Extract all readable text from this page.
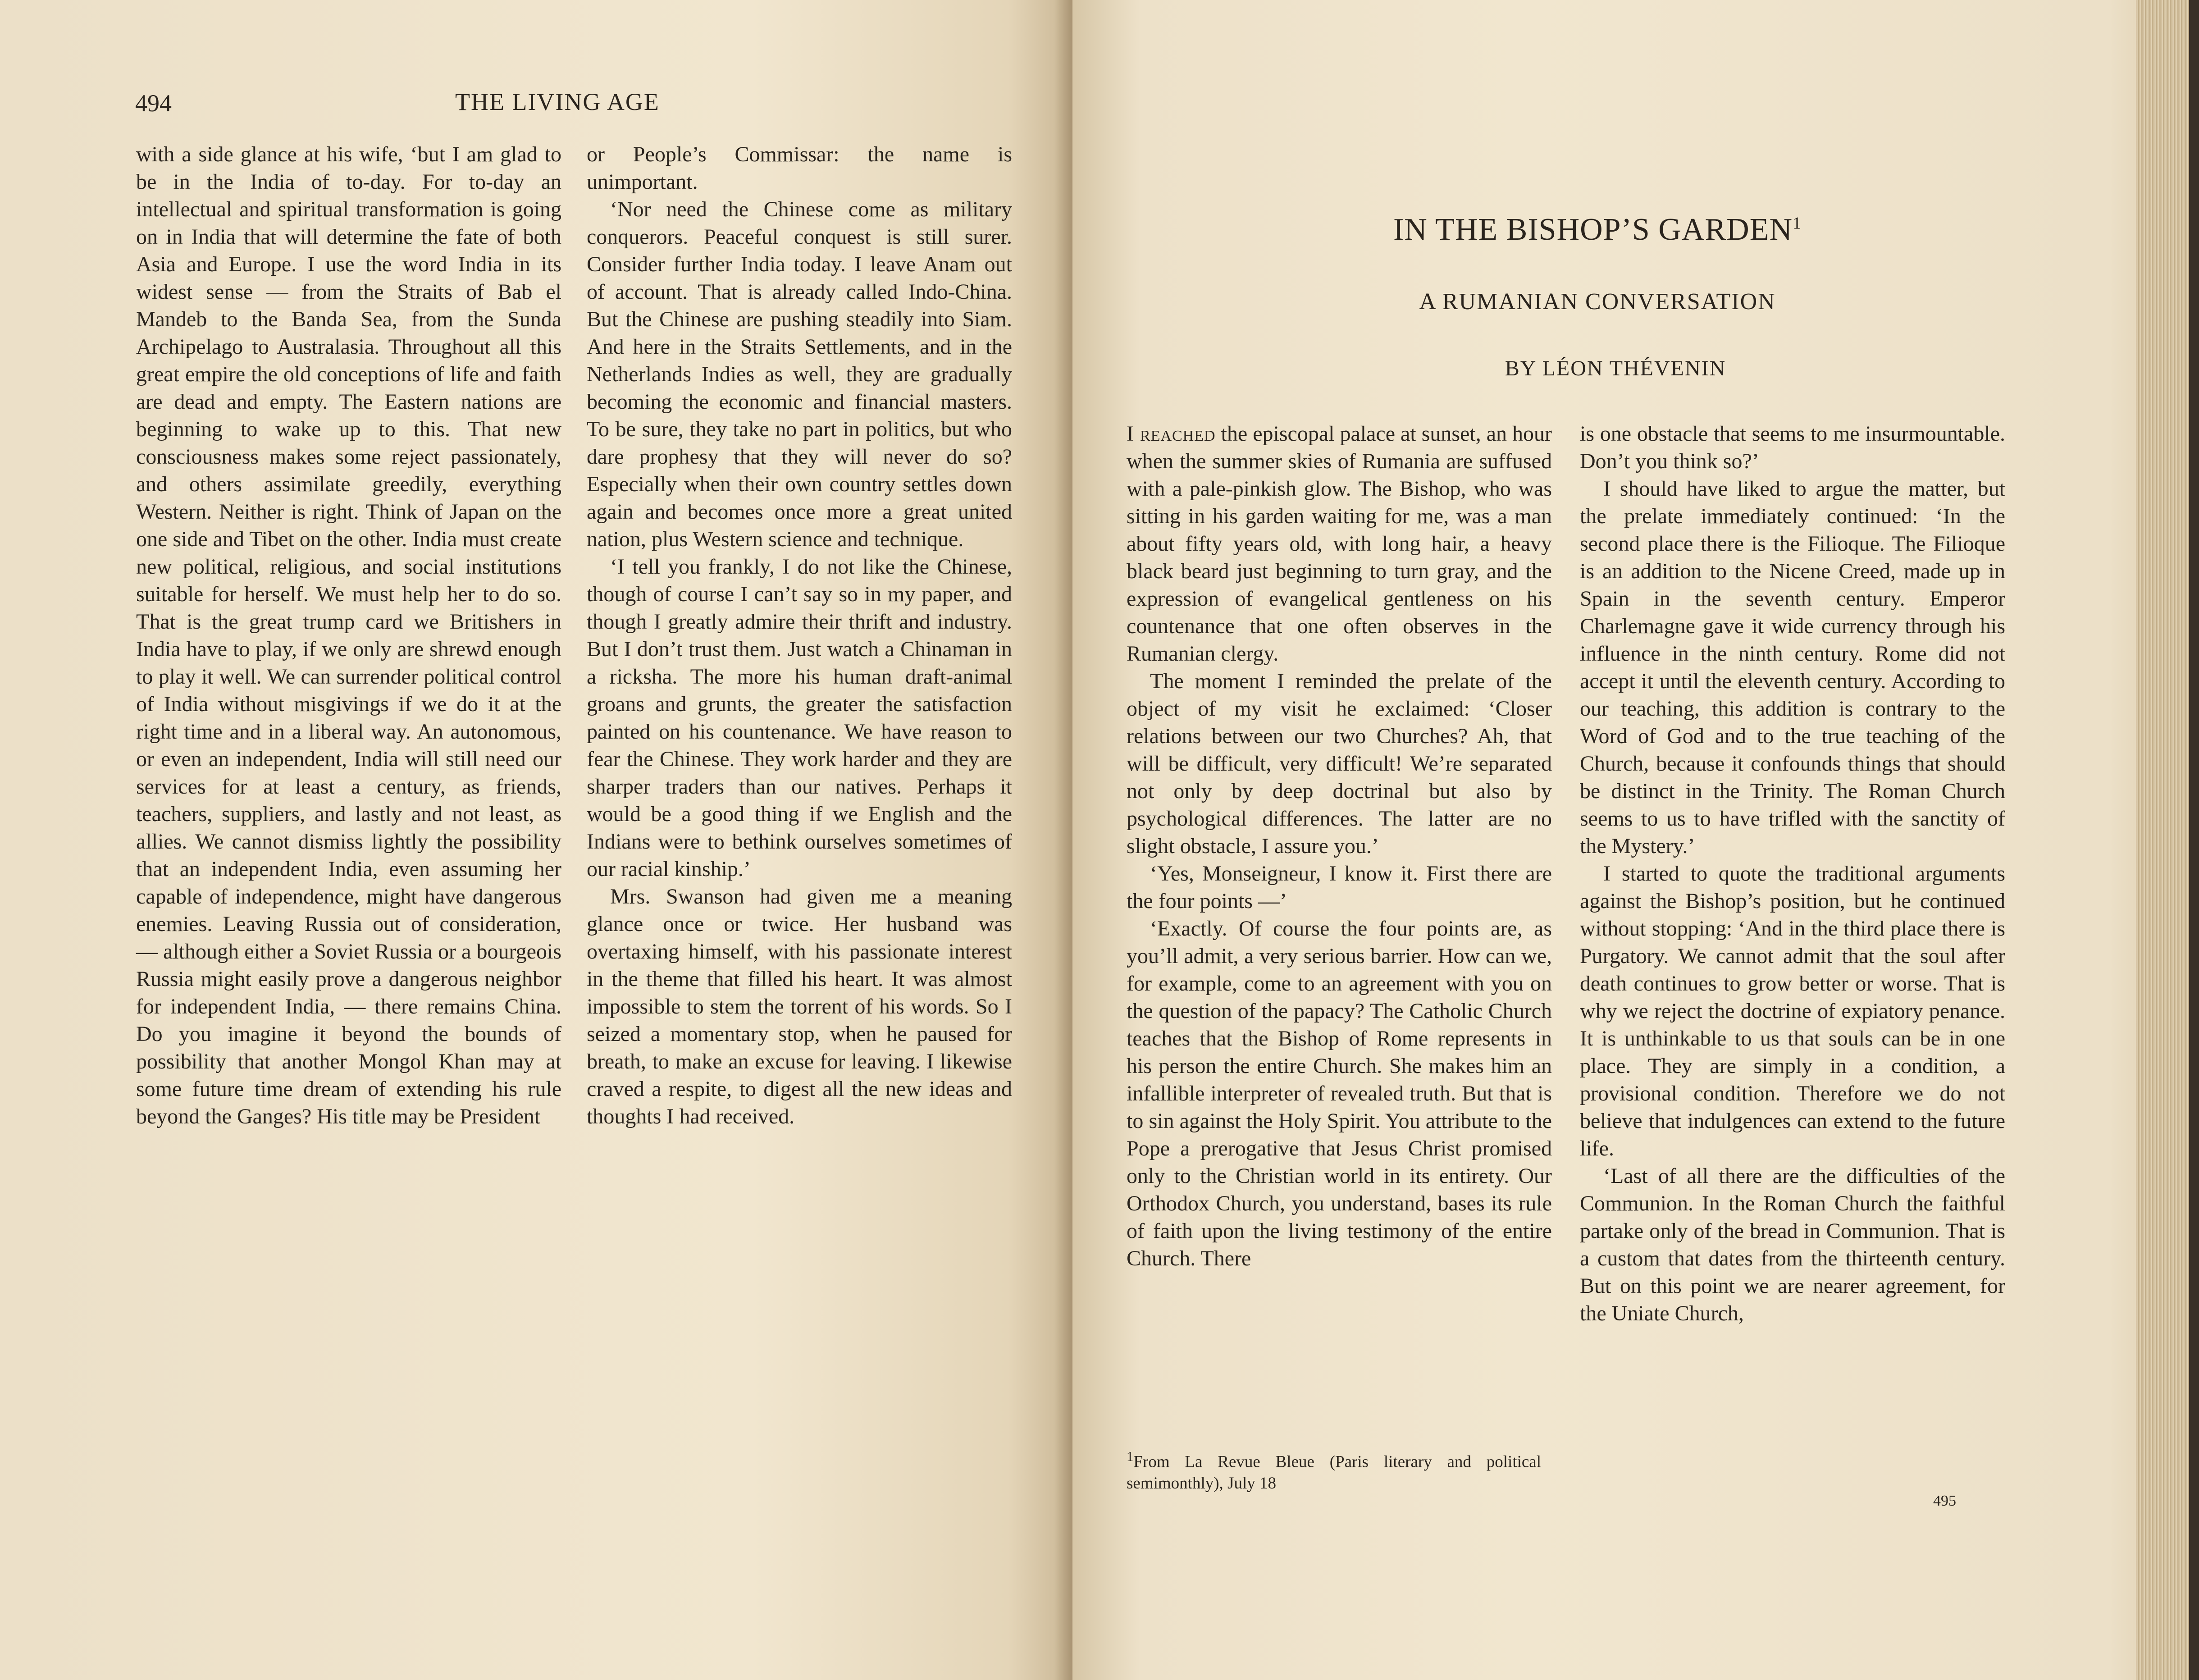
494	THE LIVING AGE

with a side glance at his wife, ‘but I am glad to be in the India of to-day. For to-day an intellectual and spiritual transformation is going on in India that will determine the fate of both Asia and Europe. I use the word India in its widest sense — from the Straits of Bab el Mandeb to the Banda Sea, from the Sunda Archipelago to Australasia. Throughout all this great empire the old conceptions of life and faith are dead and empty. The Eastern nations are beginning to wake up to this. That new consciousness makes some reject passionately, and others assimilate greedily, everything Western. Neither is right. Think of Japan on the one side and Tibet on the other. India must create new political, religious, and social institutions suitable for herself. We must help her to do so. That is the great trump card we Britishers in India have to play, if we only are shrewd enough to play it well. We can surrender political control of India without misgivings if we do it at the right time and in a liberal way. An autonomous, or even an independent, India will still need our services for at least a century, as friends, teachers, suppliers, and lastly and not least, as allies. We cannot dismiss lightly the possibility that an independent India, even assuming her capable of independence, might have dangerous enemies. Leaving Russia out of consideration, — although either a Soviet Russia or a bourgeois Russia might easily prove a dangerous neighbor for independent India, — there remains China. Do you imagine it beyond the bounds of possibility that another Mongol Khan may at some future time dream of extending his rule beyond the Ganges? His title may be President

or People’s Commissar: the name is unimportant.

‘Nor need the Chinese come as military conquerors. Peaceful conquest is still surer. Consider further India today. I leave Anam out of account. That is already called Indo-China. But the Chinese are pushing steadily into Siam. And here in the Straits Settlements, and in the Netherlands Indies as well, they are gradually becoming the economic and financial masters. To be sure, they take no part in politics, but who dare prophesy that they will never do so? Especially when their own country settles down again and becomes once more a great united nation, plus Western science and technique.

‘I tell you frankly, I do not like the Chinese, though of course I can’t say so in my paper, and though I greatly admire their thrift and industry. But I don’t trust them. Just watch a Chinaman in a ricksha. The more his human draft-animal groans and grunts, the greater the satisfaction painted on his countenance. We have reason to fear the Chinese. They work harder and they are sharper traders than our natives. Perhaps it would be a good thing if we English and the Indians were to bethink ourselves sometimes of our racial kinship.’

Mrs. Swanson had given me a meaning glance once or twice. Her husband was overtaxing himself, with his passionate interest in the theme that filled his heart. It was almost impossible to stem the torrent of his words. So I seized a momentary stop, when he paused for breath, to make an excuse for leaving. I likewise craved a respite, to digest all the new ideas and thoughts I had received.

IN THE BISHOP’S GARDEN$^1$
A RUMANIAN CONVERSATION
BY LÉON THÉVENIN

I reached the episcopal palace at sunset, an hour when the summer skies of Rumania are suffused with a pale-pinkish glow. The Bishop, who was sitting in his garden waiting for me, was a man about fifty years old, with long hair, a heavy black beard just beginning to turn gray, and the expression of evangelical gentleness on his countenance that one often observes in the Rumanian clergy.

The moment I reminded the prelate of the object of my visit he exclaimed: ‘Closer relations between our two Churches? Ah, that will be difficult, very difficult! We’re separated not only by deep doctrinal but also by psychological differences. The latter are no slight obstacle, I assure you.’

‘Yes, Monseigneur, I know it. First there are the four points —’

‘Exactly. Of course the four points are, as you’ll admit, a very serious barrier. How can we, for example, come to an agreement with you on the question of the papacy? The Catholic Church teaches that the Bishop of Rome represents in his person the entire Church. She makes him an infallible interpreter of revealed truth. But that is to sin against the Holy Spirit. You attribute to the Pope a prerogative that Jesus Christ promised only to the Christian world in its entirety. Our Orthodox Church, you understand, bases its rule of faith upon the living testimony of the entire Church. There

$^1$From La Revue Bleue (Paris literary and political semimonthly), July 18

is one obstacle that seems to me insurmountable. Don’t you think so?’

I should have liked to argue the matter, but the prelate immediately continued: ‘In the second place there is the Filioque. The Filioque is an addition to the Nicene Creed, made up in Spain in the seventh century. Emperor Charlemagne gave it wide currency through his influence in the ninth century. Rome did not accept it until the eleventh century. According to our teaching, this addition is contrary to the Word of God and to the true teaching of the Church, because it confounds things that should be distinct in the Trinity. The Roman Church seems to us to have trifled with the sanctity of the Mystery.’

I started to quote the traditional arguments against the Bishop’s position, but he continued without stopping: ‘And in the third place there is Purgatory. We cannot admit that the soul after death continues to grow better or worse. That is why we reject the doctrine of expiatory penance. It is unthinkable to us that souls can be in one place. They are simply in a condition, a provisional condition. Therefore we do not believe that indulgences can extend to the future life.

‘Last of all there are the difficulties of the Communion. In the Roman Church the faithful partake only of the bread in Communion. That is a custom that dates from the thirteenth century. But on this point we are nearer agreement, for the Uniate Church,

495
